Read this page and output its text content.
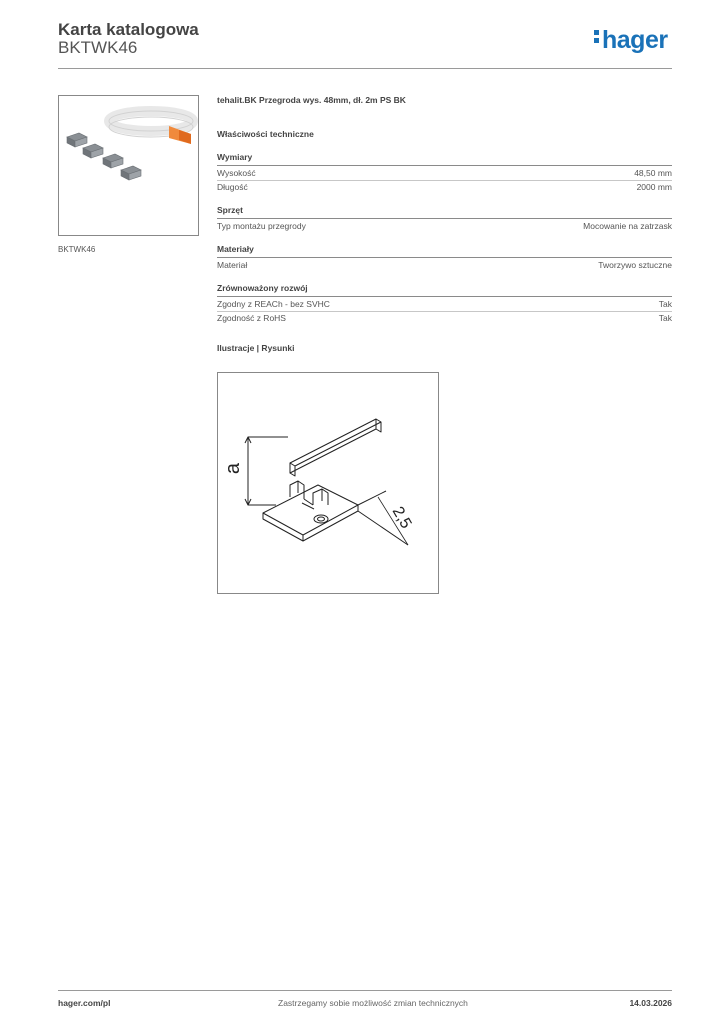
Karta katalogowa
BKTWK46	hager
BKTWK46
tehalit.BK Przegroda wys. 48mm, dł. 2m PS BK
Właściwości techniczne
Wymiary
Wysokość	48,50 mm
Długość	2000 mm
Sprzęt
Typ montażu przegrody	Mocowanie na zatrzask
Materiały
Materiał	Tworzywo sztuczne
Zrównoważony rozwój
Zgodny z REACh - bez SVHC	Tak
Zgodność z RoHS	Tak
Ilustracje | Rysunki
a
2,5
hager.com/pl	Zastrzegamy sobie możliwość zmian technicznych	14.03.2026
